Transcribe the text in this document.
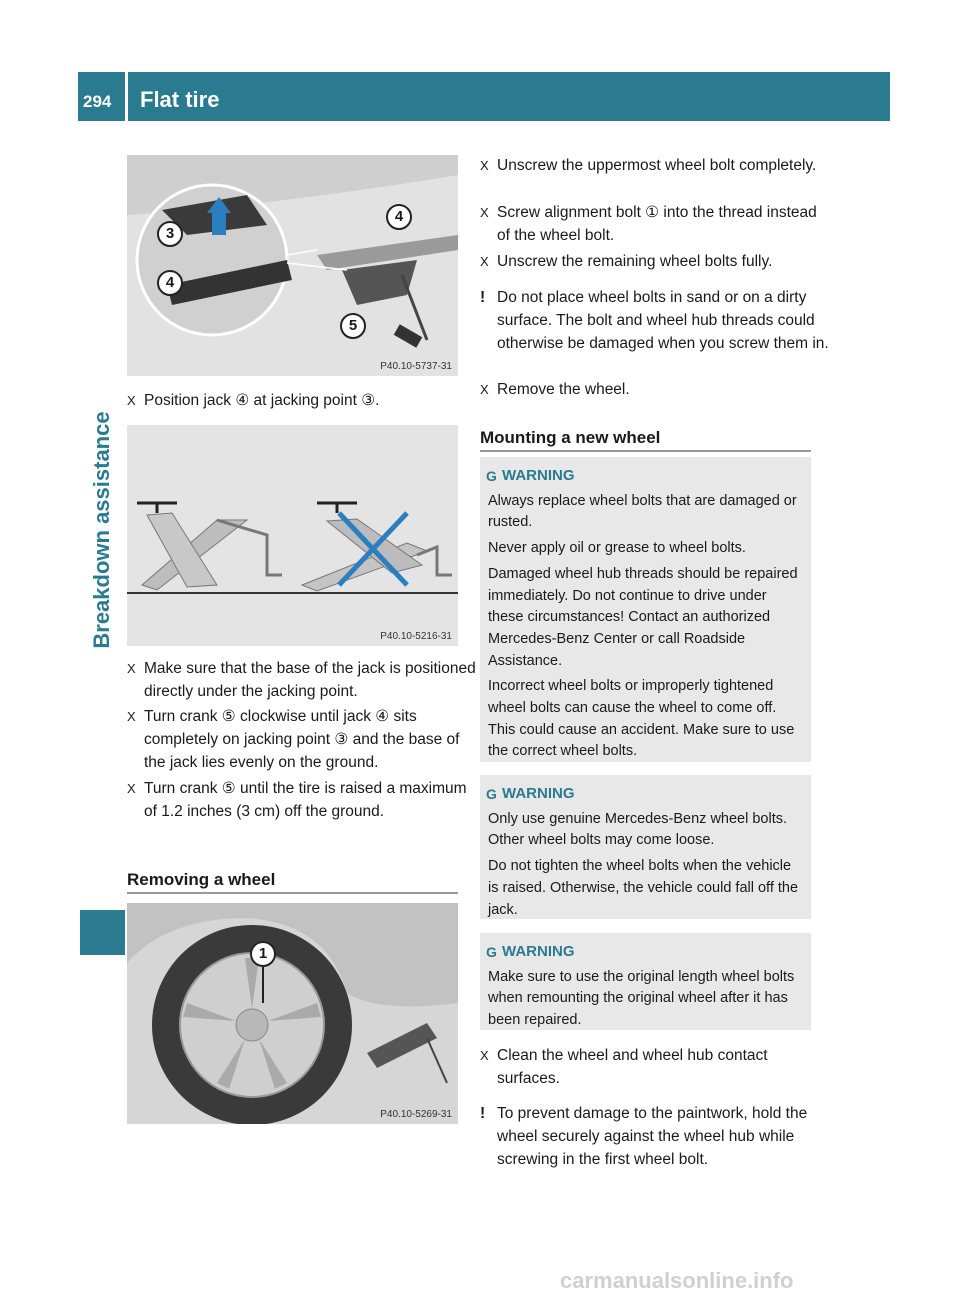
294	Flat tire
Breakdown assistance
3
4
4
5
P40.10-5737-31
X Position jack ④ at jacking point ③.
P40.10-5216-31
X Make sure that the base of the jack is positioned directly under the jacking point.
X Turn crank ⑤ clockwise until jack ④ sits completely on jacking point ③ and the base of the jack lies evenly on the ground.
X Turn crank ⑤ until the tire is raised a maximum of 1.2 inches (3 cm) off the ground.
Removing a wheel
1
P40.10-5269-31
X Unscrew the uppermost wheel bolt completely.
X Screw alignment bolt ① into the thread instead of the wheel bolt.
X Unscrew the remaining wheel bolts fully.
! Do not place wheel bolts in sand or on a dirty surface. The bolt and wheel hub threads could otherwise be damaged when you screw them in.
X Remove the wheel.
Mounting a new wheel
G WARNING

Always replace wheel bolts that are damaged or rusted.

Never apply oil or grease to wheel bolts.

Damaged wheel hub threads should be repaired immediately. Do not continue to drive under these circumstances! Contact an authorized Mercedes-Benz Center or call Roadside Assistance.

Incorrect wheel bolts or improperly tightened wheel bolts can cause the wheel to come off. This could cause an accident. Make sure to use the correct wheel bolts.

G WARNING

Only use genuine Mercedes-Benz wheel bolts. Other wheel bolts may come loose.

Do not tighten the wheel bolts when the vehicle is raised. Otherwise, the vehicle could fall off the jack.

G WARNING

Make sure to use the original length wheel bolts when remounting the original wheel after it has been repaired.

X Clean the wheel and wheel hub contact surfaces.
! To prevent damage to the paintwork, hold the wheel securely against the wheel hub while screwing in the first wheel bolt.
carmanualsonline.info
